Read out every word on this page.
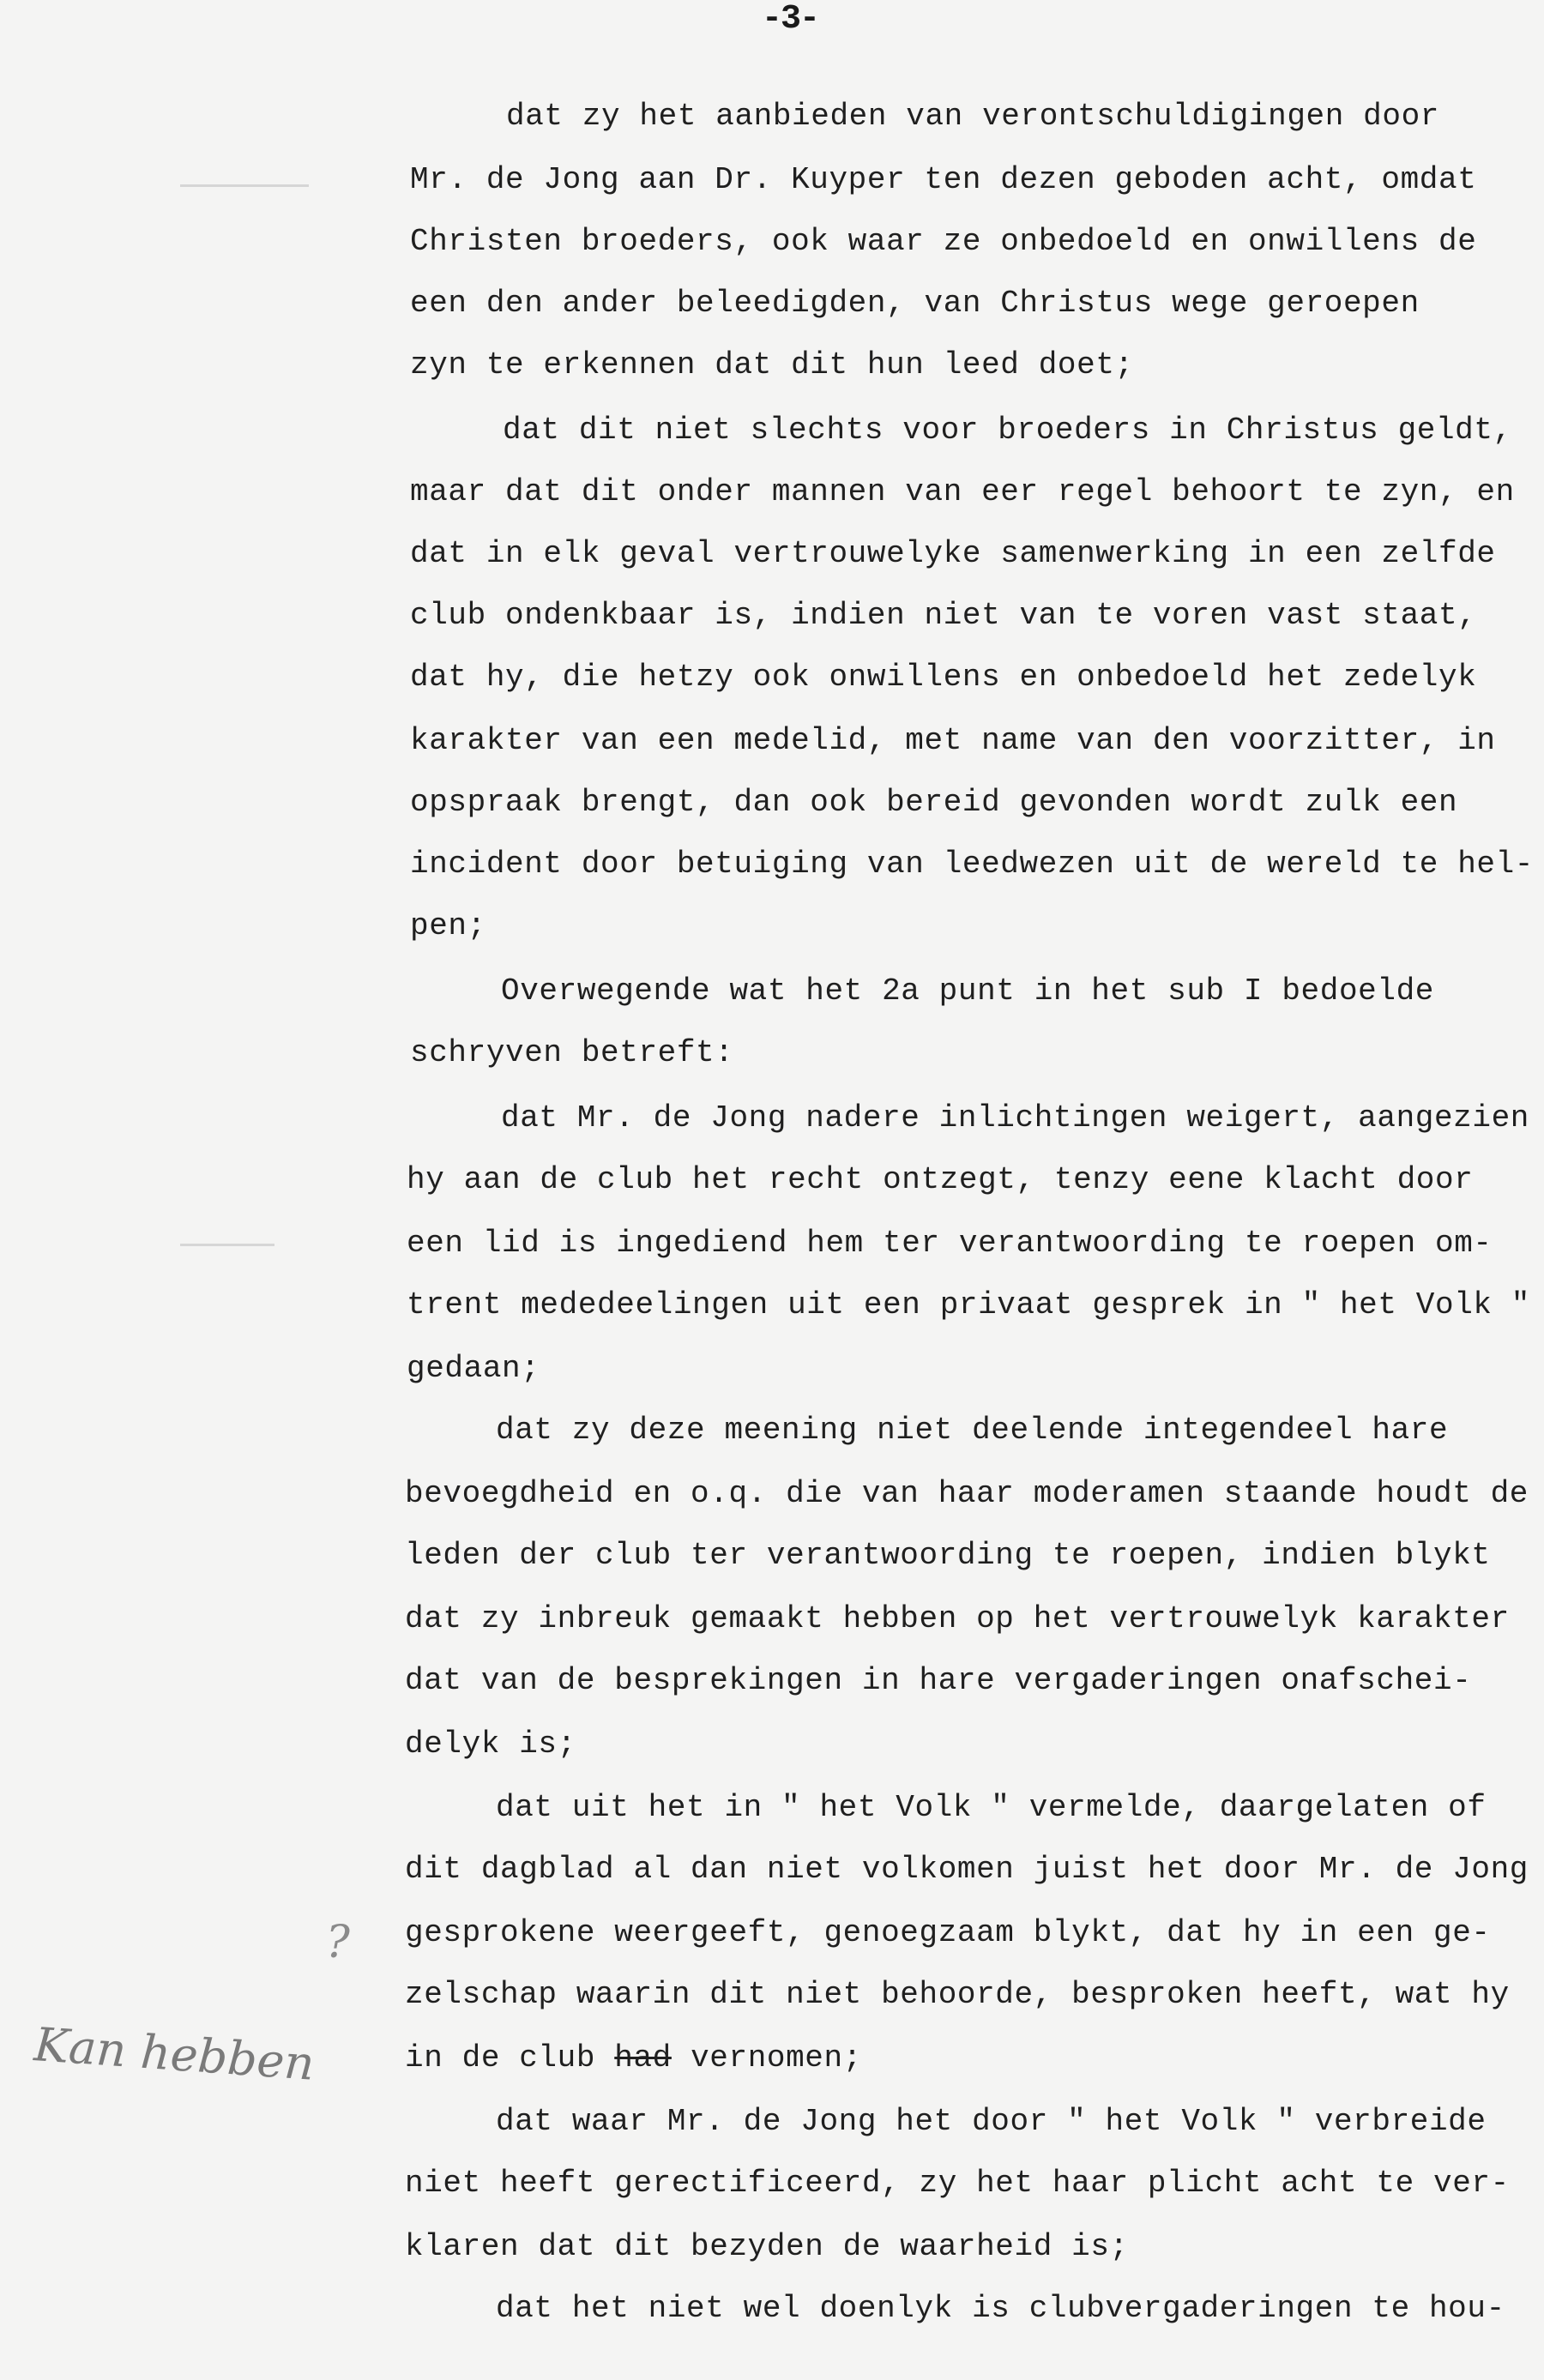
-3-
dat zy het aanbieden van verontschuldigingen door
Mr. de Jong aan Dr. Kuyper ten dezen geboden acht, omdat
Christen broeders, ook waar ze onbedoeld en onwillens de
een den ander beleedigden, van Christus wege geroepen
zyn te erkennen dat dit hun leed doet;
dat dit niet slechts voor broeders in Christus geldt,
maar dat dit onder mannen van eer regel behoort te zyn, en
dat in elk geval vertrouwelyke samenwerking in een zelfde
club ondenkbaar is, indien niet van te voren vast staat,
dat hy, die hetzy ook onwillens en onbedoeld het zedelyk
karakter van een medelid, met name van den voorzitter, in
opspraak brengt, dan ook bereid gevonden wordt zulk een
incident door betuiging van leedwezen uit de wereld te hel-
pen;
Overwegende wat het 2a punt in het sub I bedoelde
schryven betreft:
dat Mr. de Jong nadere inlichtingen weigert, aangezien
hy aan de club het recht ontzegt, tenzy eene klacht door
een lid is ingediend hem ter verantwoording te roepen om-
trent mededeelingen uit een privaat gesprek in " het Volk "
gedaan;
dat zy deze meening niet deelende integendeel hare
bevoegdheid en o.q. die van haar moderamen staande houdt de
leden der club ter verantwoording te roepen, indien blykt
dat zy inbreuk gemaakt hebben op het vertrouwelyk karakter
dat van de besprekingen in hare vergaderingen onafschei-
delyk is;
dat uit het in " het Volk " vermelde, daargelaten of
dit dagblad al dan niet volkomen juist het door Mr. de Jong
gesprokene weergeeft, genoegzaam blykt, dat hy in een ge-
zelschap waarin dit niet behoorde, besproken heeft, wat hy
in de club had vernomen;
dat waar Mr. de Jong het door " het Volk " verbreide
niet heeft gerectificeerd, zy het haar plicht acht te ver-
klaren dat dit bezyden de waarheid is;
dat het niet wel doenlyk is clubvergaderingen te hou-
?
Kan hebben
